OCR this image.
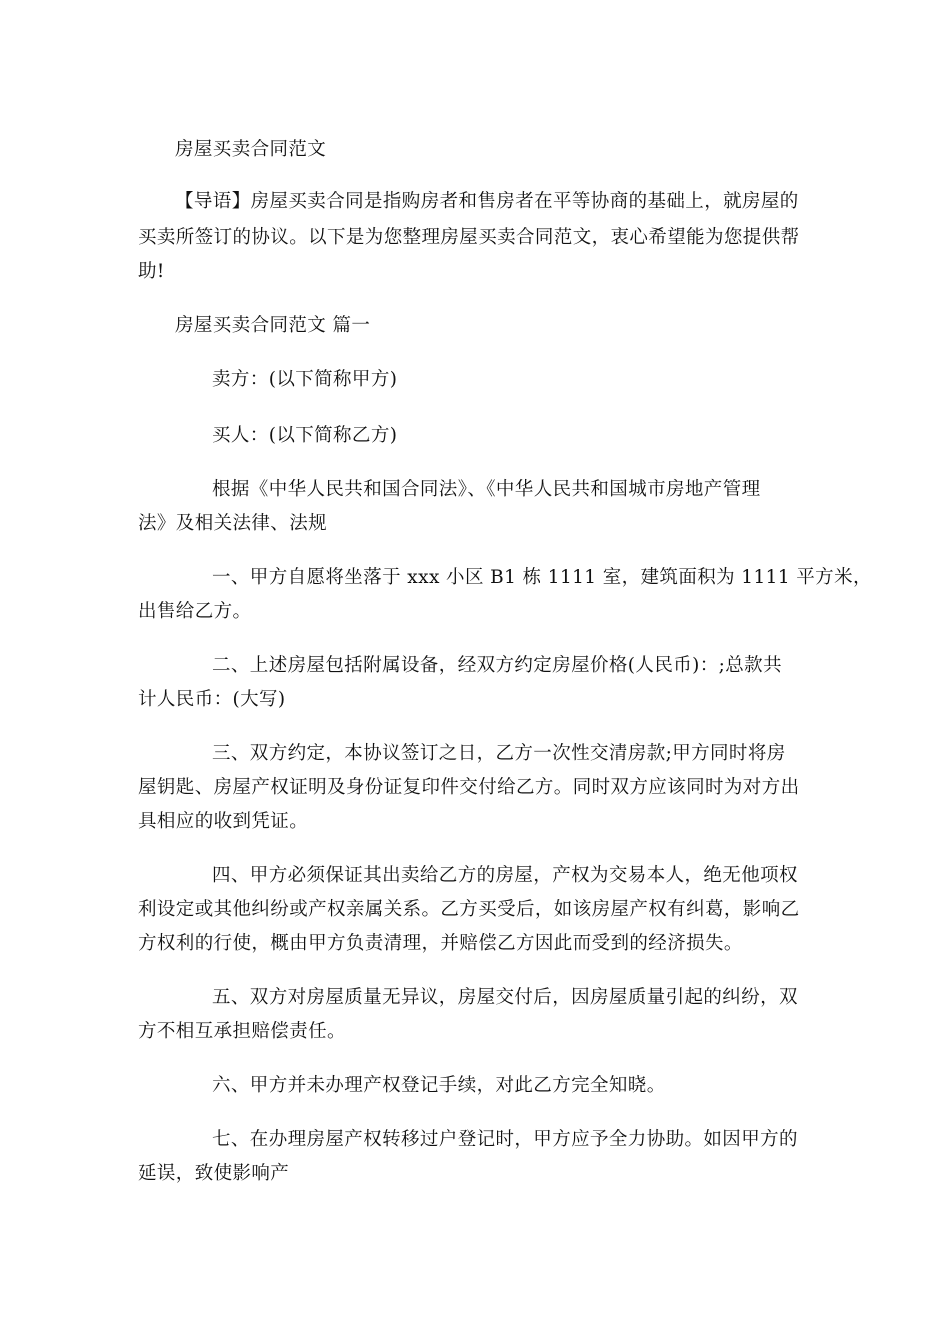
房屋买卖合同范文
【导语】房屋买卖合同是指购房者和售房者在平等协商的基础上，就房屋的
买卖所签订的协议。以下是为您整理房屋买卖合同范文，衷心希望能为您提供帮
助!
房屋买卖合同范文 篇一
卖方：(以下简称甲方)
买人：(以下简称乙方)
根据《中华人民共和国合同法》、《中华人民共和国城市房地产管理
法》及相关法律、法规
一、甲方自愿将坐落于 xxx 小区 B1 栋 1111 室，建筑面积为 1111 平方米，
出售给乙方。
二、上述房屋包括附属设备，经双方约定房屋价格(人民币)：;总款共
计人民币：(大写)
三、双方约定，本协议签订之日，乙方一次性交清房款;甲方同时将房
屋钥匙、房屋产权证明及身份证复印件交付给乙方。同时双方应该同时为对方出
具相应的收到凭证。
四、甲方必须保证其出卖给乙方的房屋，产权为交易本人，绝无他项权
利设定或其他纠纷或产权亲属关系。乙方买受后，如该房屋产权有纠葛，影响乙
方权利的行使，概由甲方负责清理，并赔偿乙方因此而受到的经济损失。
五、双方对房屋质量无异议，房屋交付后，因房屋质量引起的纠纷，双
方不相互承担赔偿责任。
六、甲方并未办理产权登记手续，对此乙方完全知晓。
七、在办理房屋产权转移过户登记时，甲方应予全力协助。如因甲方的
延误，致使影响产
